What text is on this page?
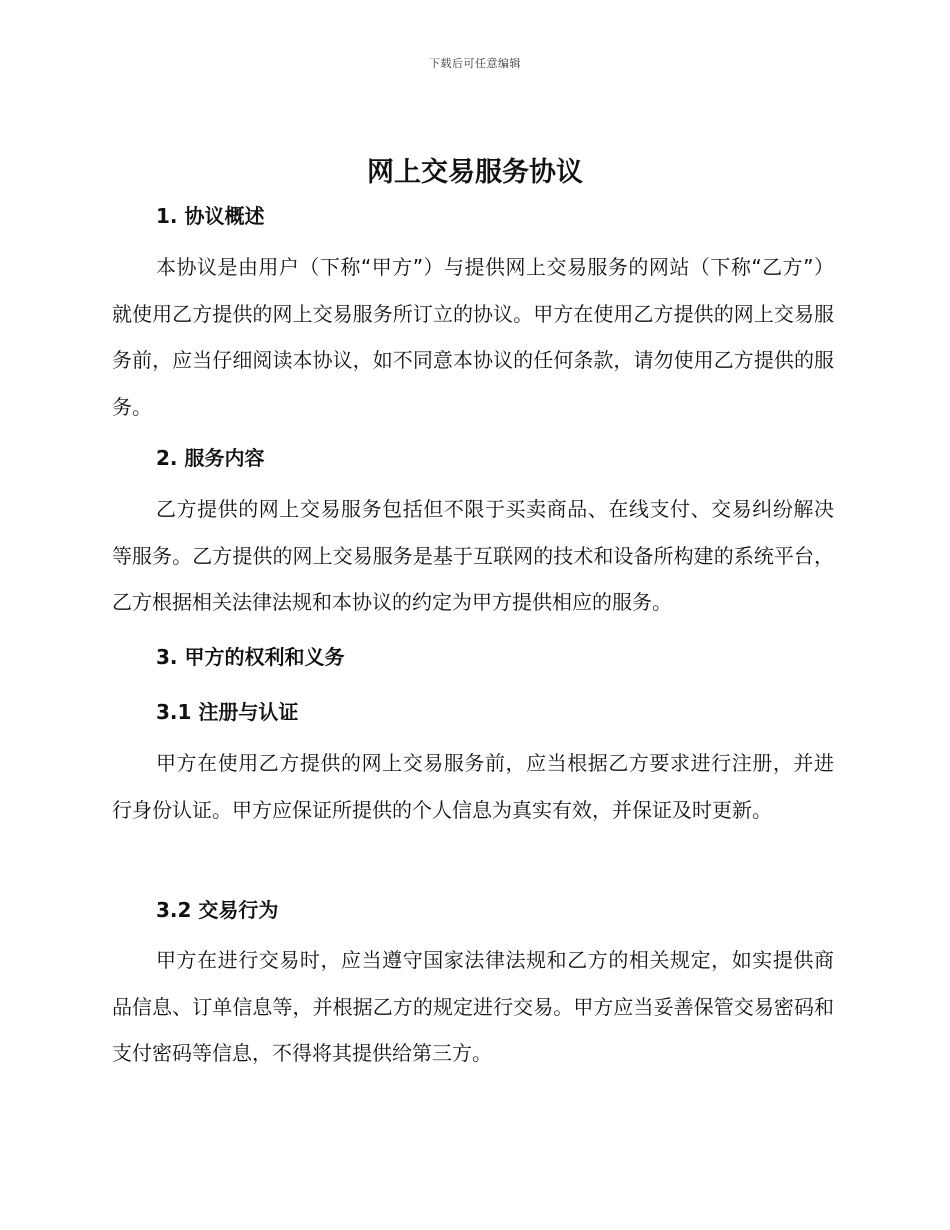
下载后可任意编辑
网上交易服务协议
1. 协议概述
本协议是由用户（下称“甲方”）与提供网上交易服务的网站（下称“乙方”）就使用乙方提供的网上交易服务所订立的协议。甲方在使用乙方提供的网上交易服务前，应当仔细阅读本协议，如不同意本协议的任何条款，请勿使用乙方提供的服务。
2. 服务内容
乙方提供的网上交易服务包括但不限于买卖商品、在线支付、交易纠纷解决等服务。乙方提供的网上交易服务是基于互联网的技术和设备所构建的系统平台，乙方根据相关法律法规和本协议的约定为甲方提供相应的服务。
3. 甲方的权利和义务
3.1 注册与认证
甲方在使用乙方提供的网上交易服务前，应当根据乙方要求进行注册，并进行身份认证。甲方应保证所提供的个人信息为真实有效，并保证及时更新。
3.2 交易行为
甲方在进行交易时，应当遵守国家法律法规和乙方的相关规定，如实提供商品信息、订单信息等，并根据乙方的规定进行交易。甲方应当妥善保管交易密码和支付密码等信息，不得将其提供给第三方。
